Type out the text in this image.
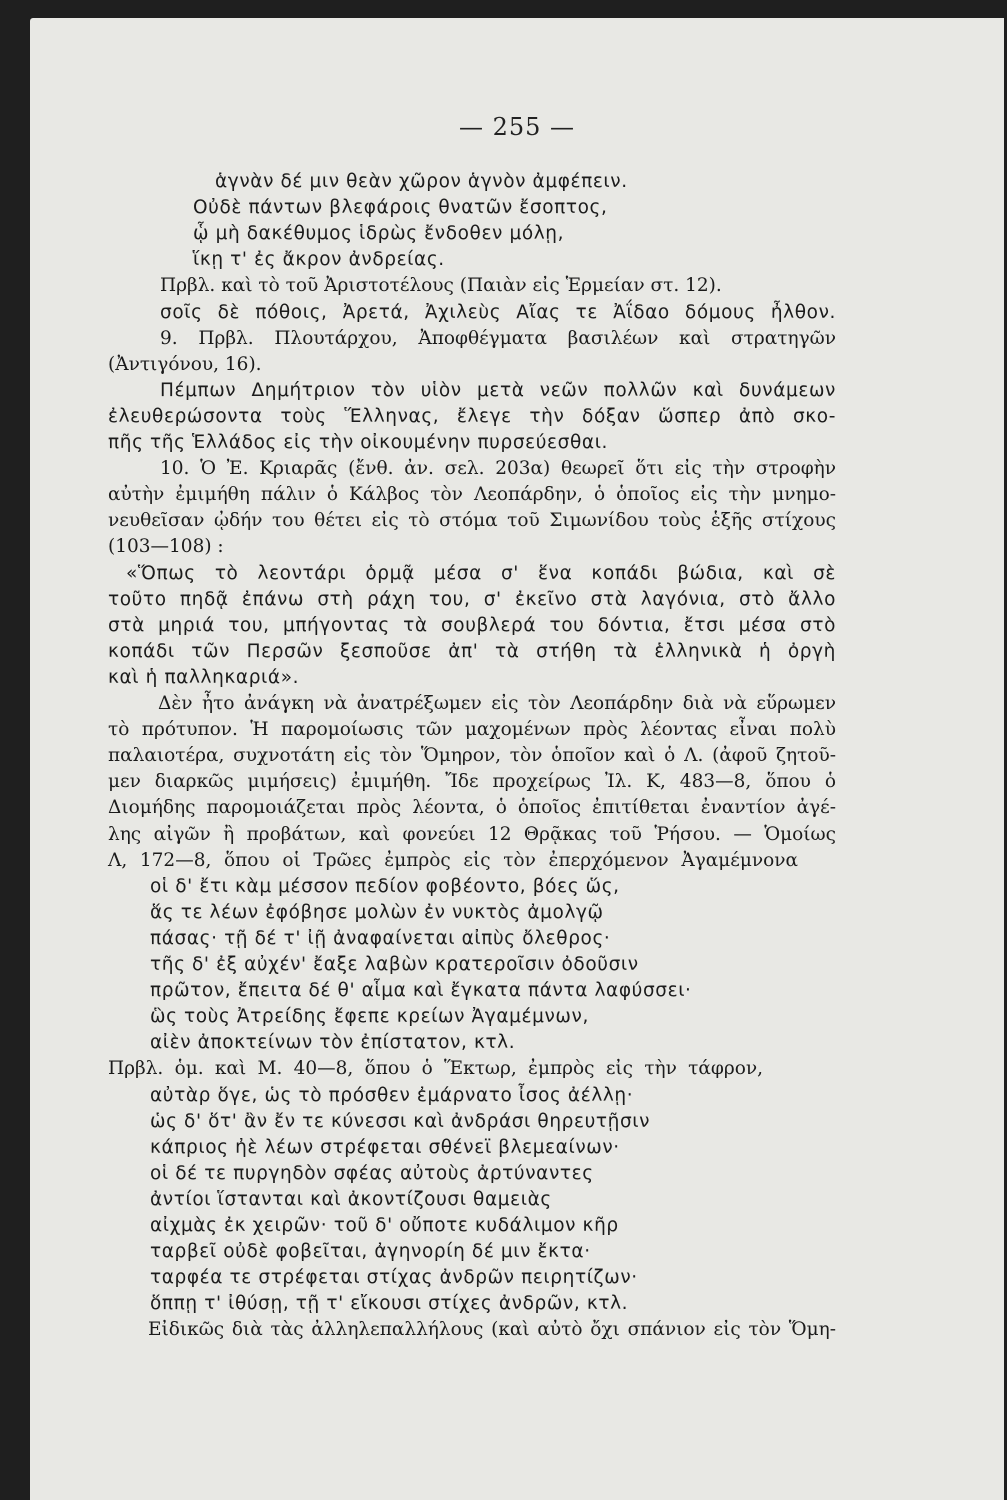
— 255 —
ἁγνὰν δέ μιν θεὰν χῶρον ἁγνὸν ἀμφέπειν.
Οὐδὲ πάντων βλεφάροις θνατῶν ἔσοπτος,
ᾧ μὴ δακέθυμος ἱδρὼς ἔνδοθεν μόλῃ,
ἵκῃ τ' ἐς ἄκρον ἀνδρείας.
Πρβλ. καὶ τὸ τοῦ Ἀριστοτέλους (Παιὰν εἰς Ἑρμείαν στ. 12).
σοῖς δὲ πόθοις, Ἀρετά, Ἀχιλεὺς Αἴας τε Ἀΐδαο δόμους ἦλθον.
9. Πρβλ. Πλουτάρχου, Ἀποφθέγματα βασιλέων καὶ στρατηγῶν
(Ἀντιγόνου, 16).
Πέμπων Δημήτριον τὸν υἱὸν μετὰ νεῶν πολλῶν καὶ δυνάμεων
ἐλευθερώσοντα τοὺς Ἕλληνας, ἔλεγε τὴν δόξαν ὥσπερ ἀπὸ σκο-
πῆς τῆς Ἑλλάδος εἰς τὴν οἰκουμένην πυρσεύεσθαι.
10. Ὁ Ἐ. Κριαρᾶς (ἔνθ. ἀν. σελ. 203α) θεωρεῖ ὅτι εἰς τὴν στροφὴν
αὐτὴν ἐμιμήθη πάλιν ὁ Κάλβος τὸν Λεοπάρδην, ὁ ὁποῖος εἰς τὴν μνημο-
νευθεῖσαν ᾠδήν του θέτει εἰς τὸ στόμα τοῦ Σιμωνίδου τοὺς ἑξῆς στίχους
(103—108) :
«Ὅπως τὸ λεοντάρι ὁρμᾷ μέσα σ' ἕνα κοπάδι βώδια, καὶ σὲ
τοῦτο πηδᾷ ἐπάνω στὴ ράχη του, σ' ἐκεῖνο στὰ λαγόνια, στὸ ἄλλο
στὰ μηριά του, μπήγοντας τὰ σουβλερά του δόντια, ἔτσι μέσα στὸ
κοπάδι τῶν Περσῶν ξεσποῦσε ἀπ' τὰ στήθη τὰ ἑλληνικὰ ἡ ὀργὴ
καὶ ἡ παλληκαριά».
Δὲν ἦτο ἀνάγκη νὰ ἀνατρέξωμεν εἰς τὸν Λεοπάρδην διὰ νὰ εὕρωμεν
τὸ πρότυπον. Ἡ παρομοίωσις τῶν μαχομένων πρὸς λέοντας εἶναι πολὺ
παλαιοτέρα, συχνοτάτη εἰς τὸν Ὅμηρον, τὸν ὁποῖον καὶ ὁ Λ. (ἀφοῦ ζητοῦ-
μεν διαρκῶς μιμήσεις) ἐμιμήθη. Ἴδε προχείρως Ἰλ. Κ, 483—8, ὅπου ὁ
Διομήδης παρομοιάζεται πρὸς λέοντα, ὁ ὁποῖος ἐπιτίθεται ἐναντίον ἀγέ-
λης αἰγῶν ἢ προβάτων, καὶ φονεύει 12 Θρᾷκας τοῦ Ῥήσου. — Ὁμοίως
Λ, 172—8, ὅπου οἱ Τρῶες ἐμπρὸς εἰς τὸν ἐπερχόμενον Ἀγαμέμνονα
οἱ δ' ἔτι κὰμ μέσσον πεδίον φοβέοντο, βόες ὥς,
ἅς τε λέων ἐφόβησε μολὼν ἐν νυκτὸς ἀμολγῷ
πάσας· τῇ δέ τ' ἰῇ ἀναφαίνεται αἰπὺς ὄλεθρος·
τῆς δ' ἐξ αὐχέν' ἔαξε λαβὼν κρατεροῖσιν ὀδοῦσιν
πρῶτον, ἔπειτα δέ θ' αἷμα καὶ ἔγκατα πάντα λαφύσσει·
ὣς τοὺς Ἀτρείδης ἔφεπε κρείων Ἀγαμέμνων,
αἰὲν ἀποκτείνων τὸν ἐπίστατον, κτλ.
Πρβλ. ὁμ. καὶ Μ. 40—8, ὅπου ὁ Ἕκτωρ, ἐμπρὸς εἰς τὴν τάφρον,
αὐτὰρ ὅγε, ὡς τὸ πρόσθεν ἐμάρνατο ἶσος ἀέλλῃ·
ὡς δ' ὅτ' ἂν ἔν τε κύνεσσι καὶ ἀνδράσι θηρευτῇσιν
κάπριος ἠὲ λέων στρέφεται σθένεϊ βλεμεαίνων·
οἱ δέ τε πυργηδὸν σφέας αὐτοὺς ἀρτύναντες
ἀντίοι ἵστανται καὶ ἀκοντίζουσι θαμειὰς
αἰχμὰς ἐκ χειρῶν· τοῦ δ' οὔποτε κυδάλιμον κῆρ
ταρβεῖ οὐδὲ φοβεῖται, ἀγηνορίη δέ μιν ἔκτα·
ταρφέα τε στρέφεται στίχας ἀνδρῶν πειρητίζων·
ὅππῃ τ' ἰθύσῃ, τῇ τ' εἴκουσι στίχες ἀνδρῶν, κτλ.
Εἰδικῶς διὰ τὰς ἀλληλεπαλλήλους (καὶ αὐτὸ ὄχι σπάνιον εἰς τὸν Ὅμη-
